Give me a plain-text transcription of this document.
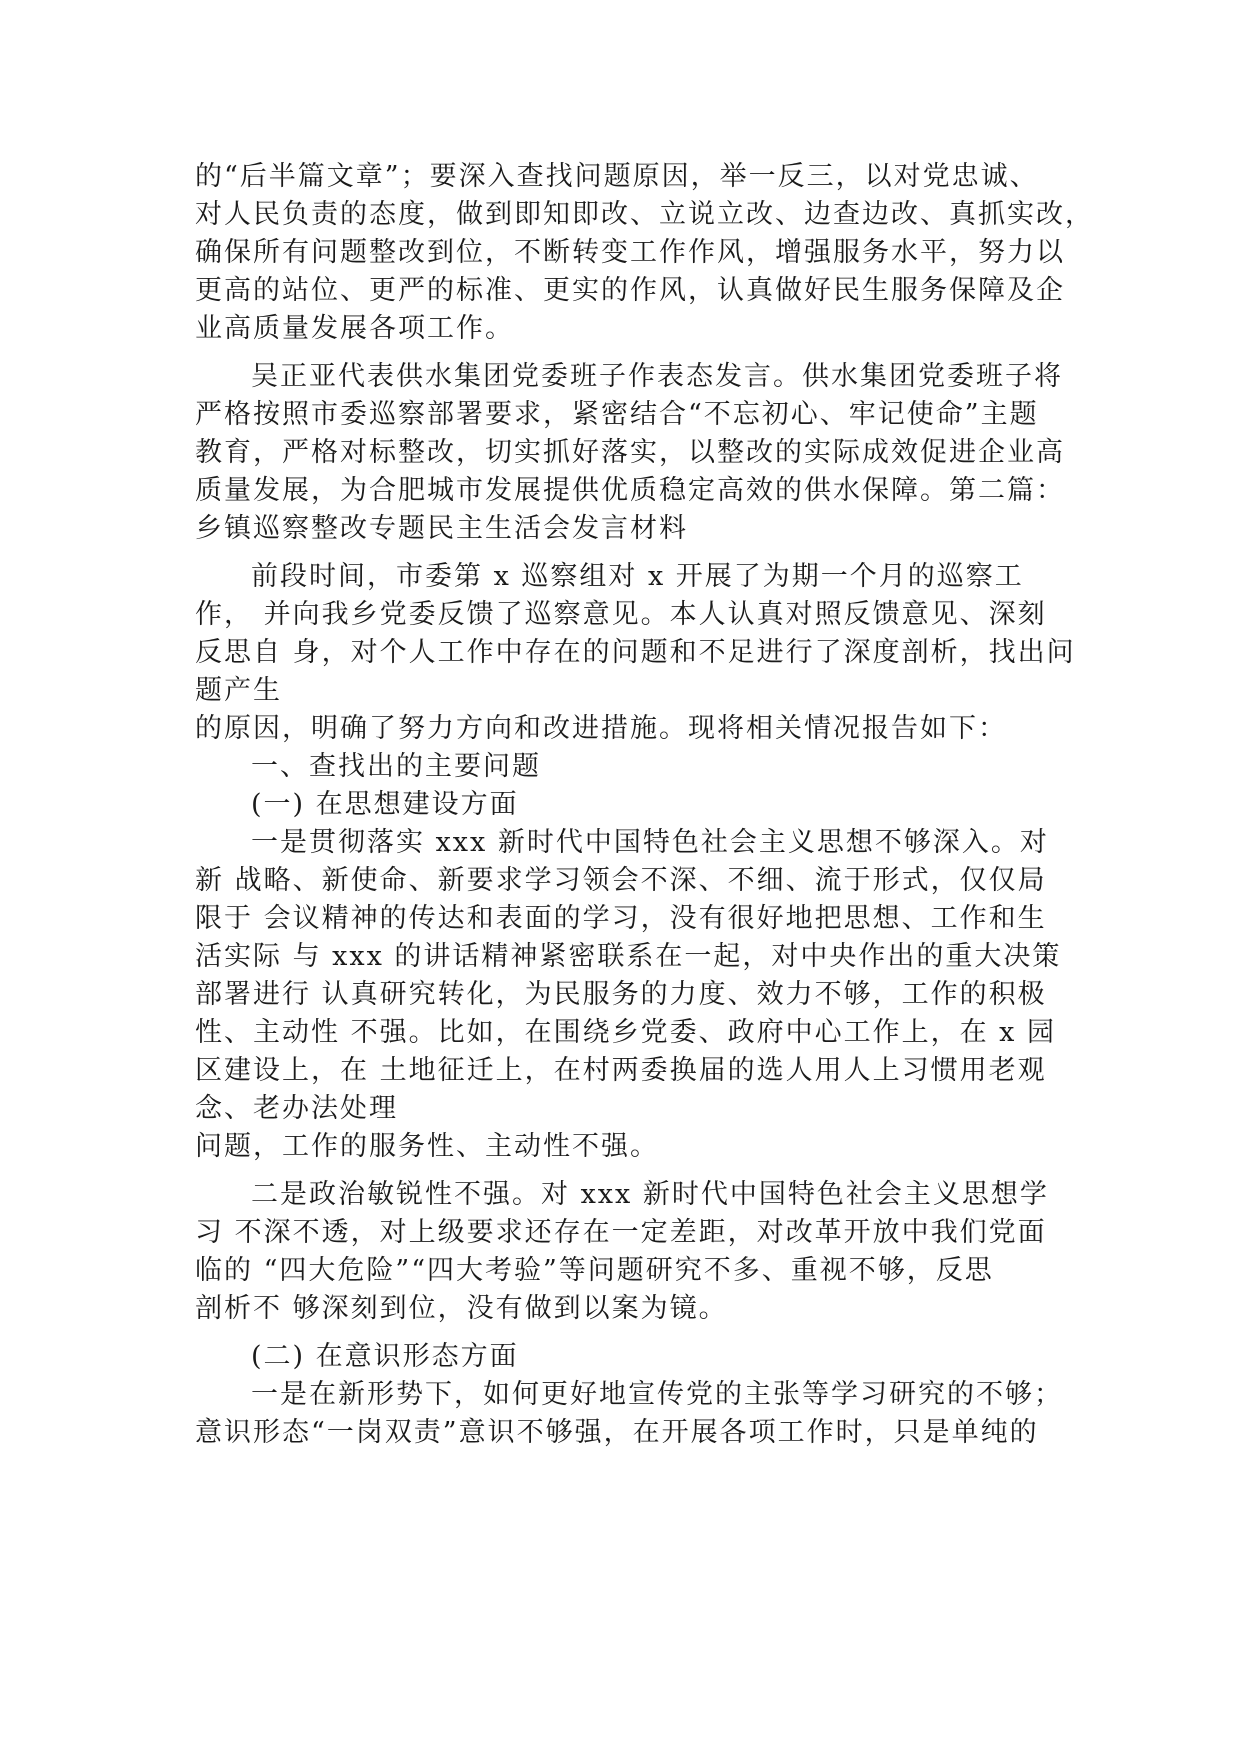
的“后半篇文章”；要深入查找问题原因，举一反三，以对党忠诚、
对人民负责的态度，做到即知即改、立说立改、边查边改、真抓实改，
确保所有问题整改到位，不断转变工作作风，增强服务水平，努力以
更高的站位、更严的标准、更实的作风，认真做好民生服务保障及企
业高质量发展各项工作。
吴正亚代表供水集团党委班子作表态发言。供水集团党委班子将
严格按照市委巡察部署要求，紧密结合“不忘初心、牢记使命”主题
教育，严格对标整改，切实抓好落实，以整改的实际成效促进企业高
质量发展，为合肥城市发展提供优质稳定高效的供水保障。第二篇：
乡镇巡察整改专题民主生活会发言材料
前段时间，市委第 x 巡察组对 x 开展了为期一个月的巡察工
作， 并向我乡党委反馈了巡察意见。本人认真对照反馈意见、深刻
反思自 身，对个人工作中存在的问题和不足进行了深度剖析，找出问
题产生
的原因，明确了努力方向和改进措施。现将相关情况报告如下：
一、查找出的主要问题
(一) 在思想建设方面
一是贯彻落实 xxx 新时代中国特色社会主义思想不够深入。对
新 战略、新使命、新要求学习领会不深、不细、流于形式，仅仅局
限于 会议精神的传达和表面的学习，没有很好地把思想、工作和生
活实际 与 xxx 的讲话精神紧密联系在一起，对中央作出的重大决策
部署进行 认真研究转化，为民服务的力度、效力不够，工作的积极
性、主动性 不强。比如，在围绕乡党委、政府中心工作上，在 x 园
区建设上，在 土地征迁上，在村两委换届的选人用人上习惯用老观
念、老办法处理
问题，工作的服务性、主动性不强。
二是政治敏锐性不强。对 xxx 新时代中国特色社会主义思想学
习 不深不透，对上级要求还存在一定差距，对改革开放中我们党面
临的 “四大危险”“四大考验”等问题研究不多、重视不够，反思
剖析不 够深刻到位，没有做到以案为镜。
(二) 在意识形态方面
一是在新形势下，如何更好地宣传党的主张等学习研究的不够；
意识形态“一岗双责”意识不够强，在开展各项工作时，只是单纯的
